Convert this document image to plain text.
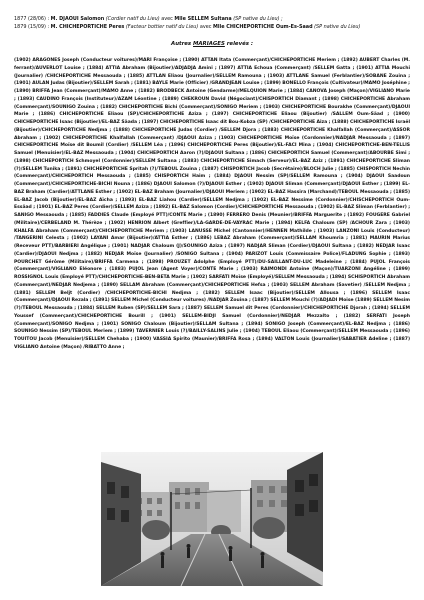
1877 (28/06) : M. DJAOUI Salomon (Cordier natif du Lieu) avec Mlle SELLEM Sultana (SP native du Lieu) ;
1879 (15/09) : M. CHICHEPORTICHE Peres (Facteur bottier natif du Lieu) avec Mlle CHICHEPORTICHE Oum-Es-Saad (SP native du Lieu)
Autres MARIAGES relevés :
(1902) ARAGONES Joseph (Conducteur voitures)/MARI Françoise ; (1890) ATTAN Itata (Commerçant)/CHICHEPORTICHE Meriem ; (1892) AUBERT Charles (M. ferrant)/AUVERLOT Louise ; (1884) ATTIA Abraham (Bijoutier)/ADJADJA Amini ; (1897) ATTIA Echoua (Commerçant) /SELLEM Gatta ; (1901) ATTIA Mouchi (Journalier) /CHICHEPORTICHE Messaouda ; (1885) ATTLAN Eliaou (Journalier)/SELLEM Ramouna ; (1903) ATTLANE Samuel (Ferblantier)/SOBANE Zouina ; (1901) AULAN Judas (Bijoutier)/SELLEM Sarah ; (1881) BAYLE Marie (Officier) /GRANDJEAN Louise ; (1899) BONELLO François (Cultivateur)/MAMO Joséphine ; (1890) BRIFFA Jean (Commerçant)/MAMO Anne ; (1882) BRODBECK Antoine (Gendarme)/MELQUION Marie ; (1884) CANOVA Joseph (Maçon)/VIGLIANO Marie ; (1893) CAUDINO François (Instituteur)/AZAM Léontine ; (1889) CHEKROUN David (Négociant)/CHISPORTICH Diamant ; (1898) CHICHEPORTICHE Abraham (Commerçant)/SOUNIGO Zouina ; (1882) CHICHEPORTICHE Bichi (Commerçant)/SONIGO Meriem ; (1903) CHICHEPORTICHE Bourakhe (Commerçant)/DJAOUI Marie ; (1886) CHICHEPORTICHE Eliaou (SP)/CHICHEPORTICHE Aziza ; (1897) CHICHEPORTICHE Eliaou (Bijoutier) /SALLEM Oum-Säad ; (1900) CHICHEPORTICHE Isaac (Bijoutier)/EL-BAZ Säada ; (1897) CHICHEPORTICHE Isaac dit Bou-Kobza (SP) /CHICHEPORTICHE Aiza ; (1888) CHICHEPORTICHE Israël (Bijoutier)/CHICHEPORTICHE Nedjma ; (1888) CHICHEPORTICHE Judas (Cordier) /SELLEM Djora ; (1883) CHICHEPORTICHE Khalfallah (Commerçant)/ASSOR Abraham ; (1902) CHICHEPORTICHE Khalfallah (Commerçant) /DJAOUI Aziza ; (1903) CHICHEPORTICHE Moïse (Cordonnier)/NADJAR Messaouda ; (1897) CHICHEPORTICHE Moïse dit Boumil (Cordier) /SELLEM Léa ; (1896) CHICHEPORTICHE Peres (Bijoutier)/EL-FACI Mina ; (1904) CHICHEPORTICHE-BEN-TELLIS Samuel (Menuisier)/EL-BAZ Messaouda ; (1904) CHICHEPORTICH Aaron (?)/DJAOUI Sultana ; (1886) CHICHEPORTICH Samuel (Commerçant)/ABOURBE Simi ; (1898) CHICHEPORTICH Schmoyel (Cordonnier)/SELLEM Sultana ; (1883) CHICHEPORTICHE Simach (Serveur)/EL-BAZ Aziz ; (1891) CHICHEPORTICHE Sliman (?)/SELLEM Tunika ; (1891) CHICHEPORTICHE Spritah (?)/TEBOUL Zouina ; (1887) CHISPORTICH Jacob (Secrétaire)/BLOCH Julie ; (1885) CHISPORTICH Nechin (Commerçant)/CHICHEPORTICH Messaouda ; (1885) CHISPORTICH Haim ; (1884) DJAOUI Nessim (SP)/SELLEM Ramouna ; (1904) DJAOUI Saadoun (Commerçant)/CHICHEPORTICHE-BICHI Nouna ; (1886) DJAOUI Salomon (?)/DJAOUI Esther ; (1902) DJAOUI Sliman (Commerçant)/DJAOUI Esther ; (1899) EL-BAZ Braham (Cardier)/ATTLANE Esther ; (1902) EL-BAZ Braham (Journalier)/DJAOUI Meriem ; (1902) EL-BAZ Hassira (Marchand)/TEBOUL Messaouda ; (1885) EL-BAZ Jacob (Bijoutier)/EL-BAZ Aïcha ; (1893) EL-BAZ Liahou (Cardier)/SELLEM Nedjma ; (1902) EL-BAZ Nessime (Cordonnier)/CHISCHEPORTICH Oum-Essäad ; (1901) EL-BAZ Peres (Cordier)/SELLEM Aziza ; (1892) EL-BAZ Salomon (Cordier)/CHICHEPORTICHE Messaouda ; (1902) EL-BAZ Sliman (Ferblantier) ; SANIGO Messaouda ; (1885) FADDIES Claude (Employé PTT)/CONTE Marie ; (1890) FERRERO Denis (Meunier)/BRIFFA Marguerite ; (1892) FOUGERE Gabriel (Militaire)/CERBELAND M. Thérèze ; (1902) HENRION Albert (Greffier)/LA-GARDE-DE-VAYRAC Marie ; (1894) KELFA Chaloum (SP) /ACHOUR Zara ; (1903) KHALFA Abraham (Commerçant)/CHICHEPORTICHE Meriem ; (1903) LANUSSE Michel (Cantonnier)/HENNEN Mathilde ; (1903) LANZONI Louis (Conducteur) /TANGERINI Celesta ; (1902) LAYANI Amar (Bijoutier)/ATTIA Esther ; (1886) LEBAZ Abraham (Commerçant)/SELLAM Khoumria ; (1881) MAURIN Marius (Receveur PTT)/BARBIERI Angélique ; (1901) NADJAR Chaloum (J)/SOUNIGO Aziza ; (1897) NADJAR Sliman (Cordier)/DJAOUI Sultana ; (1882) NEDJAR Isaac (Cardier)/DJAOUI Nedjma ; (1882) NEDJAR Moïse (Journalier) /SONIGO Sultana ; (1904) PARIZOT Louis (Commissaire Police)/FLADUNG Sophie ; (1893) POURCHET Gérôme (Militaire)/BRIFFA Carmena ; (1898) PROUZET Adolphe (Employé PTT)/DU-SAILLANT-DU-LUC Madeleine ; (1884) PUJOL François (Commerçant)/VIGLIANO Eléonore ; (1883) PUJOL Jean (Agent Voyer)/CONTE Marie ; (1903) RAIMONDI Antoine (Maçon)/TUARZONI Angéline ; (1899) ROSSIGNOL Louis (Employé PTT)/CHICHEPORTICHE-BEN-BETA Marie ; (1902) SARFATI Moïse (Employé)/SELLEM Messaouda ; (1894) SCHISPORTICH Abraham (Commerçant)/NEDJAR Nedjema ; (1890) SELLAM Abraham (Commerçant)/CHICHEPORTICHE Hefsa ; (1903) SELLEM Abraham (Savetier) /SELLEM Nedjma ; (1881) SELLEM Beljt (Cordier) /CHICHEPORTICHE-BICHI Nedjma ; (1882) SELLEM Isaac (Bijoutier)/SELLEM Allousa ; (1896) SELLEM Isaac (Commerçant)/DJAOUI Rezala ; (1891) SELLEM Michel (Conducteur voitures) /NADJAR Zouina ; (1887) SELLEM Mouchi (?)/ADJADI Moise (1889) SELLEM Nesim (?)/TEBOUL Messaouda ; (1884) SELLEM Ruben (SP)/SELLEM Sara ; (1887) SELLEM Samuel dit Peres (Cordonnier)/CHICHEPORTICHE Djorah ; (1894) SELLEM Youssef (Commerçant)/CHICHEPORTICHE Bourill ; (1901) SELLEM-BIDJI Samuel (Cordonnier)/NEDJAR Mezzalto ; (1882) SERFATI Joseph (Commerçant)/SONIGO Nedjma ; (1901) SONIGO Chaloum (Bijoutier)/SELLAM Sultana ; (1894) SONIGO Joseph (Commerçant)/EL-BAZ Nedjma ; (1886) SOUNIGO Nessim (SP)/TEBOUL Meriem ; (1899) TAVERNIER Louis (?)/BAILLY-SALINS Julie ; (1904) TEBOUL Eliaou (Commerçant)/SELLEM Messaouda ; (1896) TOUITOU Jacob (Menuisier)/SELLEM Chehaba ; (1900) VASSIA Spirito (Maunier)/BRIFFA Rosa ; (1894) VALTON Louis (Journalier)/SABATIER Adeline ; (1887) VIGLIANO Antoine (Maçon) /RIBATTO Anne ;
